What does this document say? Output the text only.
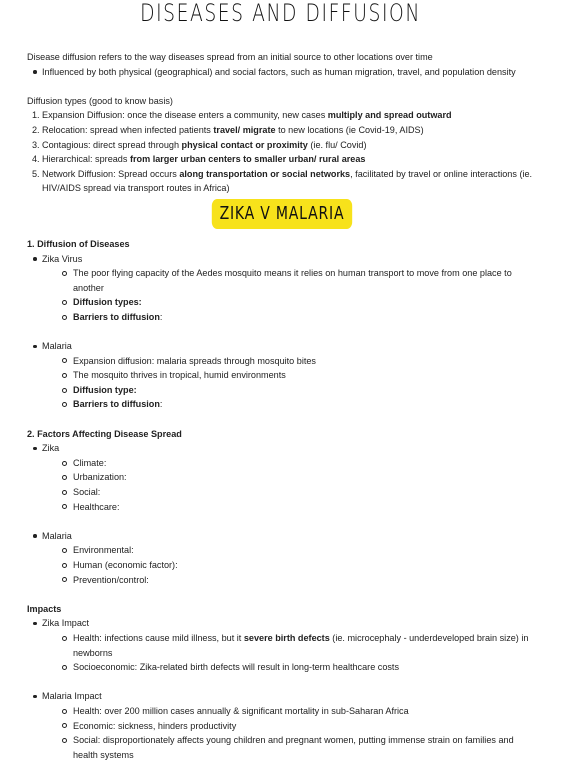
DISEASES AND DIFFUSION

Disease diffusion refers to the way diseases spread from an initial source to other locations over time

Influenced by both physical (geographical) and social factors, such as human migration, travel, and population density

Diffusion types (good to know basis)

1. Expansion Diffusion: once the disease enters a community, new cases multiply and spread outward
2. Relocation: spread when infected patients travel/ migrate to new locations (ie Covid-19, AIDS)
3. Contagious: direct spread through physical contact or proximity (ie. flu/ Covid)
4. Hierarchical: spreads from larger urban centers to smaller urban/ rural areas
5. Network Diffusion: Spread occurs along transportation or social networks, facilitated by travel or online interactions (ie. HIV/AIDS spread via transport routes in Africa)
ZIKA V MALARIA

1. Diffusion of Diseases

Zika Virus
The poor flying capacity of the Aedes mosquito means it relies on human transport to move from one place to another
Diffusion types:
Barriers to diffusion:
Malaria
Expansion diffusion: malaria spreads through mosquito bites
The mosquito thrives in tropical, humid environments
Diffusion type:
Barriers to diffusion:

2. Factors Affecting Disease Spread

Zika
Climate:
Urbanization:
Social:
Healthcare:
Malaria
Environmental:
Human (economic factor):
Prevention/control:

Impacts

Zika Impact
Health: infections cause mild illness, but it severe birth defects (ie. microcephaly - underdeveloped brain size) in newborns
Socioeconomic: Zika-related birth defects will result in long-term healthcare costs
Malaria Impact
Health: over 200 million cases annually & significant mortality in sub-Saharan Africa
Economic: sickness, hinders productivity
Social: disproportionately affects young children and pregnant women, putting immense strain on families and health systems
